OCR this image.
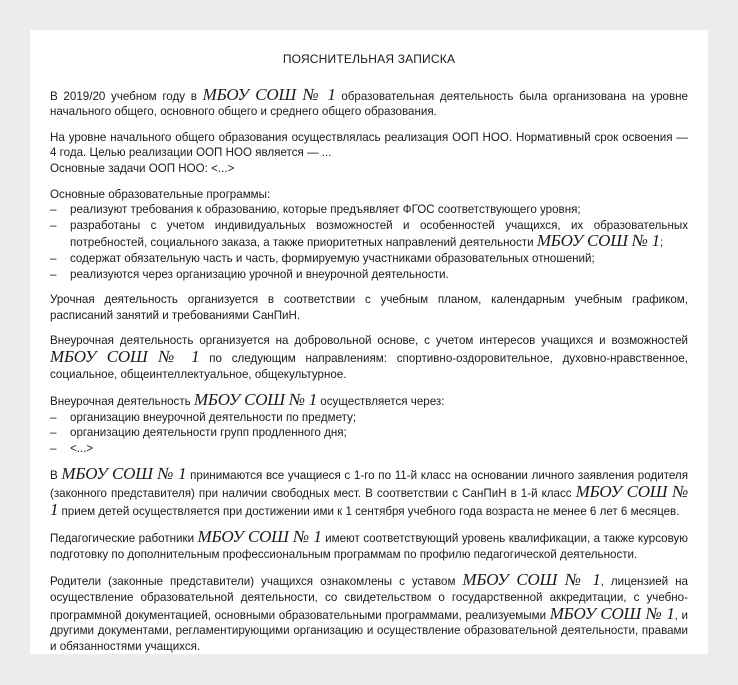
ПОЯСНИТЕЛЬНАЯ ЗАПИСКА

В 2019/20 учебном году в МБОУ СОШ № 1 образовательная деятельность была организована на уровне начального общего, основного общего и среднего общего образования.

На уровне начального общего образования осуществлялась реализация ООП НОО. Нормативный срок освоения — 4 года. Целью реализации ООП НОО является — ...

Основные задачи ООП НОО: <...>

Основные образовательные программы:

– реализуют требования к образованию, которые предъявляет ФГОС соответствующего уровня;
– разработаны с учетом индивидуальных возможностей и особенностей учащихся, их образовательных потребностей, социального заказа, а также приоритетных направлений деятельности МБОУ СОШ № 1;
– содержат обязательную часть и часть, формируемую участниками образовательных отношений;
– реализуются через организацию урочной и внеурочной деятельности.

Урочная деятельность организуется в соответствии с учебным планом, календарным учебным графиком, расписаний занятий и требованиями СанПиН.

Внеурочная деятельность организуется на добровольной основе, с учетом интересов учащихся и возможностей МБОУ СОШ № 1 по следующим направлениям: спортивно-оздоровительное, духовно-нравственное, социальное, общеинтеллектуальное, общекультурное.

Внеурочная деятельность МБОУ СОШ № 1 осуществляется через:

– организацию внеурочной деятельности по предмету;
– организацию деятельности групп продленного дня;
– <...>

В МБОУ СОШ № 1 принимаются все учащиеся с 1-го по 11-й класс на основании личного заявления родителя (законного представителя) при наличии свободных мест. В соответствии с СанПиН в 1-й класс МБОУ СОШ № 1 прием детей осуществляется при достижении ими к 1 сентября учебного года возраста не менее 6 лет 6 месяцев.

Педагогические работники МБОУ СОШ № 1 имеют соответствующий уровень квалификации, а также курсовую подготовку по дополнительным профессиональным программам по профилю педагогической деятельности.

Родители (законные представители) учащихся ознакомлены с уставом МБОУ СОШ № 1, лицензией на осуществление образовательной деятельности, со свидетельством о государственной аккредитации, с учебно-программной документацией, основными образовательными программами, реализуемыми МБОУ СОШ № 1, и другими документами, регламентирующими организацию и осуществление образовательной деятельности, правами и обязанностями учащихся.
